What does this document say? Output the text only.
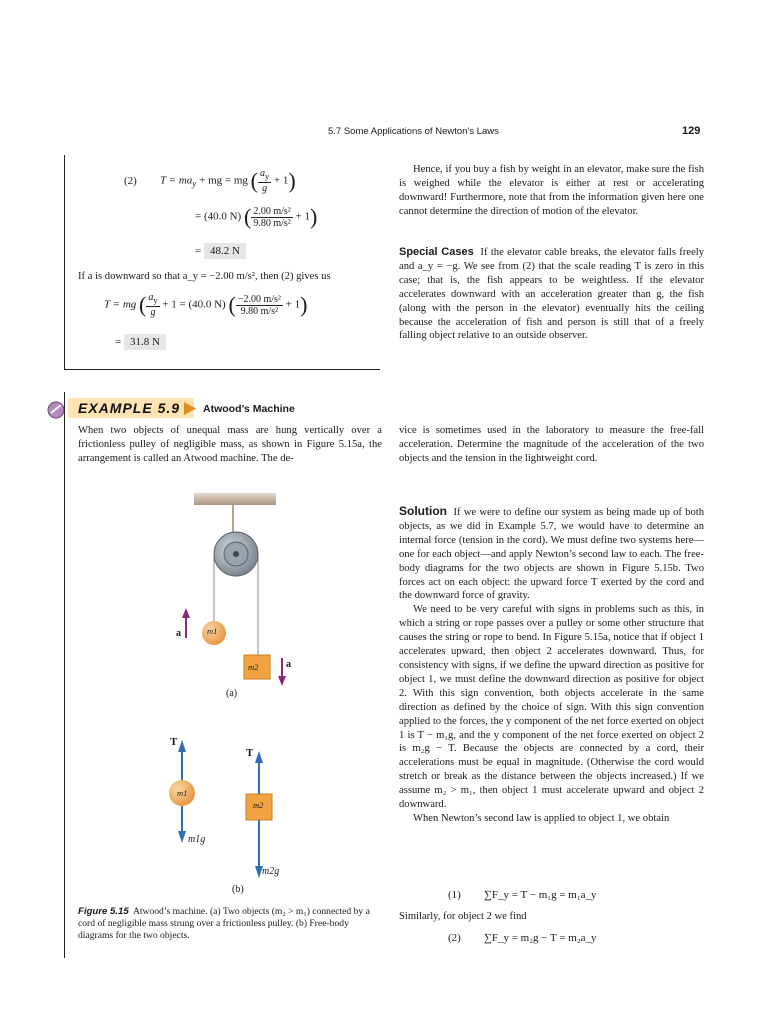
5.7 Some Applications of Newton’s Laws	129
(2) $T = ma_y$ + mg = mg ( $\frac{a_y}{g} + 1$)
= (40.0 N) ( $\frac{\text{2.00 m/s²}}{\text{9.80 m/s²}} + 1$)
= 48.2 N
If a is downward so that a_y = −2.00 m/s², then (2) gives us
T = mg ( $\frac{a_y}{g} + 1 = (40.0$ N) ( $\frac{\text{−2.00 m/s²}}{\text{9.80 m/s²}} + 1$)
= 31.8 N

Hence, if you buy a fish by weight in an elevator, make sure the fish is weighed while the elevator is either at rest or accelerating downward! Furthermore, note that from the information given here one cannot determine the direction of motion of the elevator.

Special Cases If the elevator cable breaks, the elevator falls freely and a_y = −g. We see from (2) that the scale reading T is zero in this case; that is, the fish appears to be weightless. If the elevator accelerates downward with an acceleration greater than g, the fish (along with the person in the elevator) eventually hits the ceiling because the acceleration of fish and person is still that of a freely falling object relative to an outside observer.

EXAMPLE 5.9 Atwood’s Machine
When two objects of unequal mass are hung vertically over a frictionless pulley of negligible mass, as shown in Figure 5.15a, the arrangement is called an Atwood machine. The de-
vice is sometimes used in the laboratory to measure the free-fall acceleration. Determine the magnitude of the acceleration of the two objects and the tension in the lightweight cord.

Solution If we were to define our system as being made up of both objects, as we did in Example 5.7, we would have to determine an internal force (tension in the cord). We must define two systems here—one for each object—and apply Newton’s second law to each. The free-body diagrams for the two objects are shown in Figure 5.15b. Two forces act on each object: the upward force T exerted by the cord and the downward force of gravity.

We need to be very careful with signs in problems such as this, in which a string or rope passes over a pulley or some other structure that causes the string or rope to bend. In Figure 5.15a, notice that if object 1 accelerates upward, then object 2 accelerates downward. Thus, for consistency with signs, if we define the upward direction as positive for object 1, we must define the downward direction as positive for object 2. With this sign convention, both objects accelerate in the same direction as defined by the choice of sign. With this sign convention applied to the forces, the y component of the net force exerted on object 1 is T − m₁g, and the y component of the net force exerted on object 2 is m₂g − T. Because the objects are connected by a cord, their accelerations must be equal in magnitude. (Otherwise the cord would stretch or break as the distance between the objects increased.) If we assume m₂ > m₁, then object 1 must accelerate upward and object 2 downward.

When Newton’s second law is applied to object 1, we obtain

(1) ∑F_y = T − m₁g = m₁a_y
Similarly, for object 2 we find
(2) ∑F_y = m₂g − T = m₂a_y
m1
m2
a
a
(a)
T
T
m1
m2
m1g
m2g
(b)
Figure 5.15 Atwood’s machine. (a) Two objects (m₂ > m₁) connected by a cord of negligible mass strung over a frictionless pulley. (b) Free-body diagrams for the two objects.
